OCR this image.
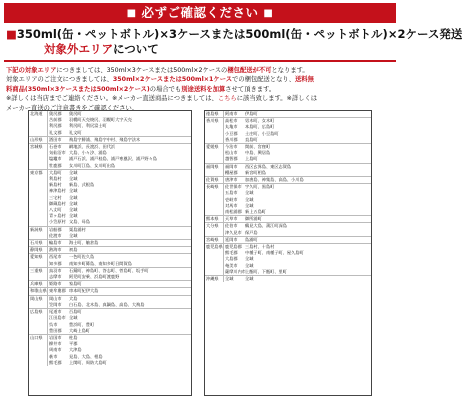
■ 必ずご確認ください ■
■350ml(缶・ペットボトル)×3ケースまたは500ml(缶・ペットボトル)×2ケース発送
対象外エリアについて
下記の対象エリアにつきましては、350ml×3ケースまたは500ml×2ケースの梱包配送が不可となります。
対象エリアのご注文につきましては、350ml×2ケースまたは500ml×1ケースでの梱包配送となり、送料無
料商品(350ml×3ケースまたは500ml×2ケース)の場合でも別途送料を加算させて頂きます。
※詳しくは当店までご連絡ください。※メーカー直送商品につきましては、こちらに該当致します。※詳しくは
メーカー直送のご注意書きをご確認ください。
北海道	奥尻郡	奥尻町
苫前郡	羽幌町天売焼尻、羽幌町大字天売
利尻郡	利尻町、利尻富士町
礼文郡	礼文町
山形県	酒田市	飛島字勝浦、飛島字中村、飛島字法木
宮城県	石巻市	網地浜、長渡浜、田代浜
気仙沼市 大島、小々汐、浦島
塩竈市	浦戸石浜、浦戸桂島、浦戸寒風沢、浦戸野々島
牡鹿郡	女川町江島、女川町出島
東京都	大島町	全域
利島村	全域
新島村	新島、式根島
神津島村 全域
三宅村	全域
御蔵島村 全域
八丈町	全域
青ヶ島村 全域
小笠原村 父島、母島
新潟県	岩船郡	粟島浦村
佐渡市	全域
石川県	輪島市	海士町、舳倉島
静岡県	熱海市	初島
愛知県	西尾市	一色町佐久島
知多郡	南知多町篠島、南知多町日間賀島
三重県	鳥羽市	石鏡町、神島町、答志町、菅島町、坂手町
志摩市	阿児町安乗、浜島町渡鹿野
兵庫県	姫路市	家島町
和歌山県 東牟婁郡 串本町紀伊大島
岡山県	岡山市	犬島
笠岡市	白石島、北木島、真鍋島、高島、大飛島
広島県	尾道市	百島町
江田島市 全域
呉市	豊浜町、豊町
豊田郡	大崎上島町
山口県	岩国市	柱島
柳井市	平郡
周南市	大津島
萩市	見島、大島、相島
熊毛郡	上関町、周防大島町
徳島県	阿南市	伊島町
香川県	高松市	男木町、女木町
丸亀市	本島町、広島町
小豆郡	土庄町、小豆島町
香川郡	直島町
愛媛県	今治市	関前、宮窪町
松山市	中島、興居島
越智郡	上島町
福岡県	福岡市	西区玄界島、東区志賀島
糟屋郡	新宮町相島
佐賀県	唐津市	加唐島、神集島、高島、小川島
長崎県	佐世保市 宇久町、黒島町
五島市	全域
壱岐市	全域
対馬市	全域
南松浦郡 新上五島町
熊本県	天草市	御所浦町
大分県	佐伯市	鶴見大島、蒲江町深島
津久見市 保戸島
宮崎県	延岡市	島浦町
鹿児島県 鹿児島郡 三島村、十島村
熊毛郡	中種子町、南種子町、屋久島町
大島郡	全域
奄美市	全域
薩摩川内市 上甑町、下甑町、里町
沖縄県	全域	全域
